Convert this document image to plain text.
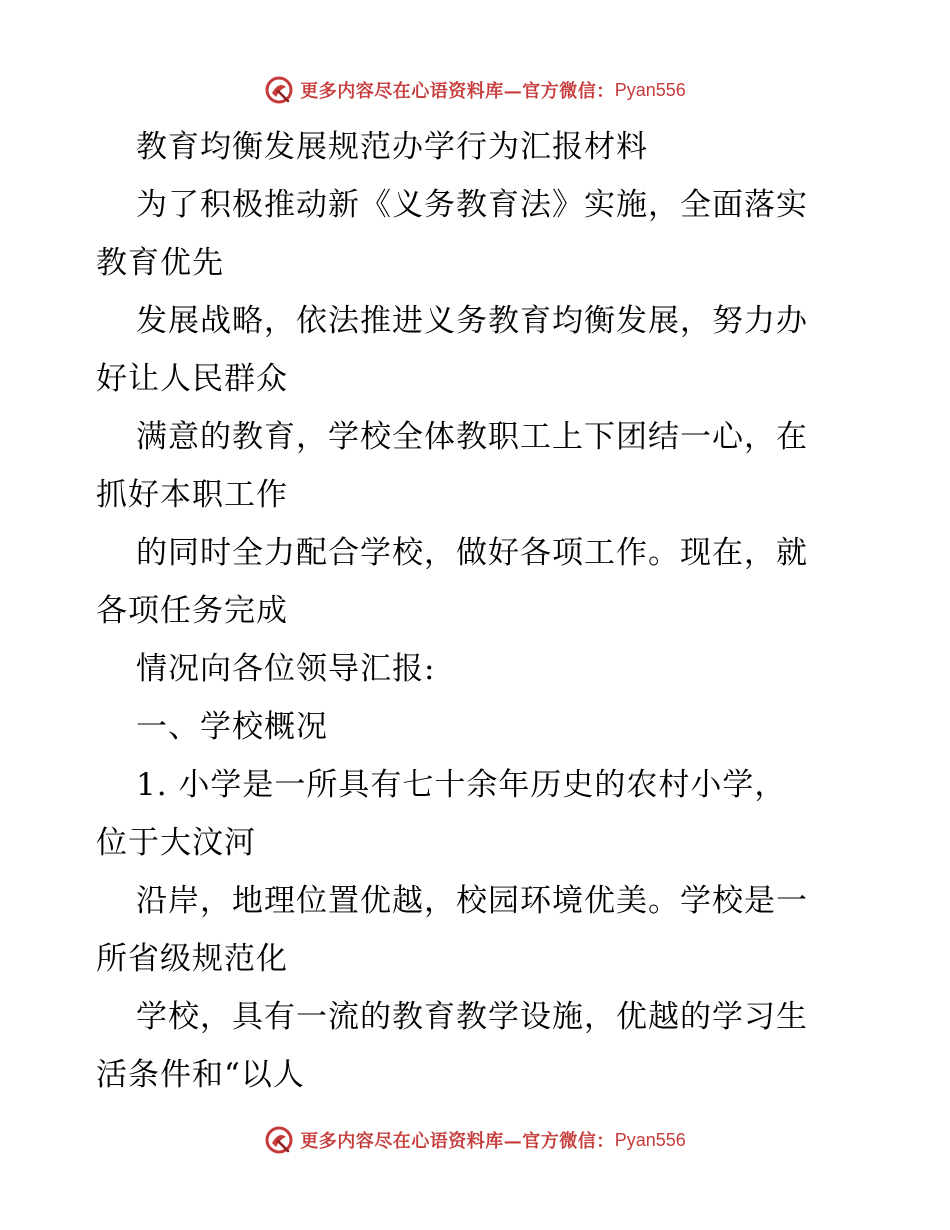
更多内容尽在心语资料库—官方微信： Pyan556
教育均衡发展规范办学行为汇报材料
为了积极推动新《义务教育法》实施，全面落实
教育优先
发展战略，依法推进义务教育均衡发展，努力办
好让人民群众
满意的教育，学校全体教职工上下团结一心，在
抓好本职工作
的同时全力配合学校，做好各项工作。现在，就
各项任务完成
情况向各位领导汇报:
一、学校概况
1. 小学是一所具有七十余年历史的农村小学，
位于大汶河
沿岸，地理位置优越，校园环境优美。学校是一
所省级规范化
学校，具有一流的教育教学设施，优越的学习生
活条件和“以人
更多内容尽在心语资料库—官方微信： Pyan556
